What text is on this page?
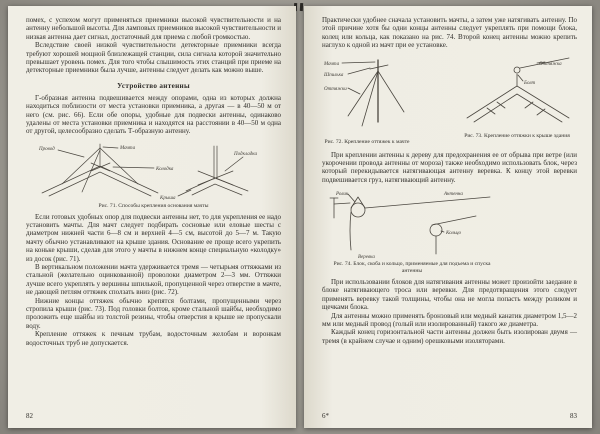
помех, с успехом могут применяться приемники высокой чувствительности и на антенну небольшой высоты. Для ламповых приемников высокой чувствительности и низкая антенна дает сигнал, достаточный для приема с любой громкостью.

Вследствие своей низкой чувствительности детекторные приемники всегда требуют хорошей мощной близлежащей станции, сила сигнала которой значительно превышает уровень помех. Для того чтобы слышимость этих станций при приеме на детекторные приемники была лучше, антенны следует делать как можно выше.

Устройство антенны

Г-образная антенна подвешивается между опорами, одна из которых должна находиться поблизости от места установки приемника, а другая — в 40—50 м от него (см. рис. 66). Если обе опоры, удобные для подвески антенны, одинаково удалены от места установки приемника и находятся на расстоянии в 40—50 м одна от другой, целесообразно сделать Т-образную антенну.

Провод	Мачта
Колодка
Подкладка
Крыша
Рис. 71. Способы крепления основания мачты

Если готовых удобных опор для подвески антенны нет, то для укрепления ее надо установить мачты. Для мачт следует подбирать сосновые или еловые шесты с диаметром нижней части 6—8 см и верхней 4—5 см, высотой до 5—7 м. Такую мачту обычно устанавливают на крыше здания. Основание ее проще всего укрепить на коньке крыши, сделав для этого у мачты в нижнем конце специальную «колодку» из досок (рис. 71).

В вертикальном положении мачта удерживается тремя — четырьмя оттяжками из стальной (желательно оцинкованной) проволоки диаметром 2—3 мм. Оттяжки лучше всего укреплять у вершины шпилькой, пропущенной через отверстие в мачте, не дающей петлям оттяжек сползать вниз (рис. 72).

Нижние концы оттяжек обычно крепятся болтами, пропущенными через стропила крыши (рис. 73). Под головки болтов, кроме стальной шайбы, необходимо проложить еще шайбы из толстой резины, чтобы отверстия в крыше не пропускали воду.

Крепление оттяжек к печным трубам, водосточным желобам и воронкам водосточных труб не допускается.

82

Практически удобнее сначала установить мачты, а затем уже натягивать антенну. По этой причине хотя бы одни концы антенны следует укреплять при помощи блока, колец или кольца, как показано на рис. 74. Второй конец антенны можно крепить наглухо к одной из мачт при ее установке.

Мачта
Шпилька
Оттяжки
Рис. 72. Крепление оттяжек к мачте
Оттяжка
Болт
Рис. 73. Крепление оттяжки к крыше здания

При креплении антенны к дереву для предохранения ее от обрыва при ветре (или укорочении провода антенны от мороза) также необходимо использовать блок, через который перекидывается натягивающая антенну веревка. К концу этой веревки подвешивается груз, натягивающий антенну.

Ролик	Антенна
Кольцо
Веревка
Рис. 74. Блок, скоба и кольцо, применяемые для подъема и спуска антенны

При использовании блоков для натягивания антенны может произойти заедание в блоке натягивающего троса или веревки. Для предотвращения этого следует применять веревку такой толщины, чтобы она не могла попасть между роликом и щечками блока.

Для антенны можно применять бронзовый или медный канатик диаметром 1,5—2 мм или медный провод (голый или изолированный) такого же диаметра.

Каждый конец горизонтальной части антенны должен быть изолирован двумя — тремя (в крайнем случае и одним) орешковыми изоляторами.

6*	83
